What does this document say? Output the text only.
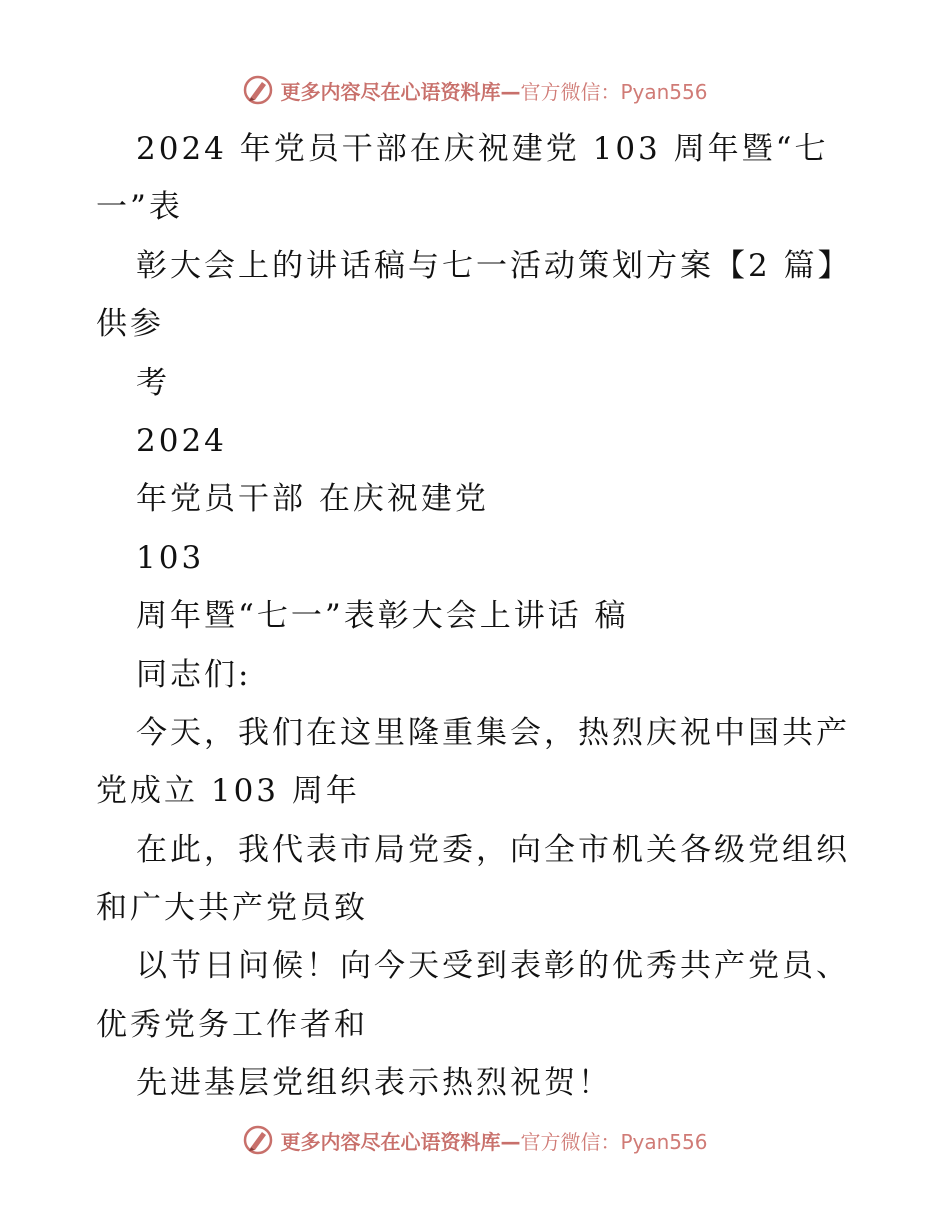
更多内容尽在心语资料库—官方微信：Pyan556
2024 年党员干部在庆祝建党 103 周年暨“七
一”表
彰大会上的讲话稿与七一活动策划方案【2 篇】
供参
考
2024
年党员干部 在庆祝建党
103
周年暨“七一”表彰大会上讲话 稿
同志们:
今天，我们在这里隆重集会，热烈庆祝中国共产
党成立 103 周年
在此，我代表市局党委，向全市机关各级党组织
和广大共产党员致
以节日问候！向今天受到表彰的优秀共产党员、
优秀党务工作者和
先进基层党组织表示热烈祝贺！
更多内容尽在心语资料库—官方微信：Pyan556
